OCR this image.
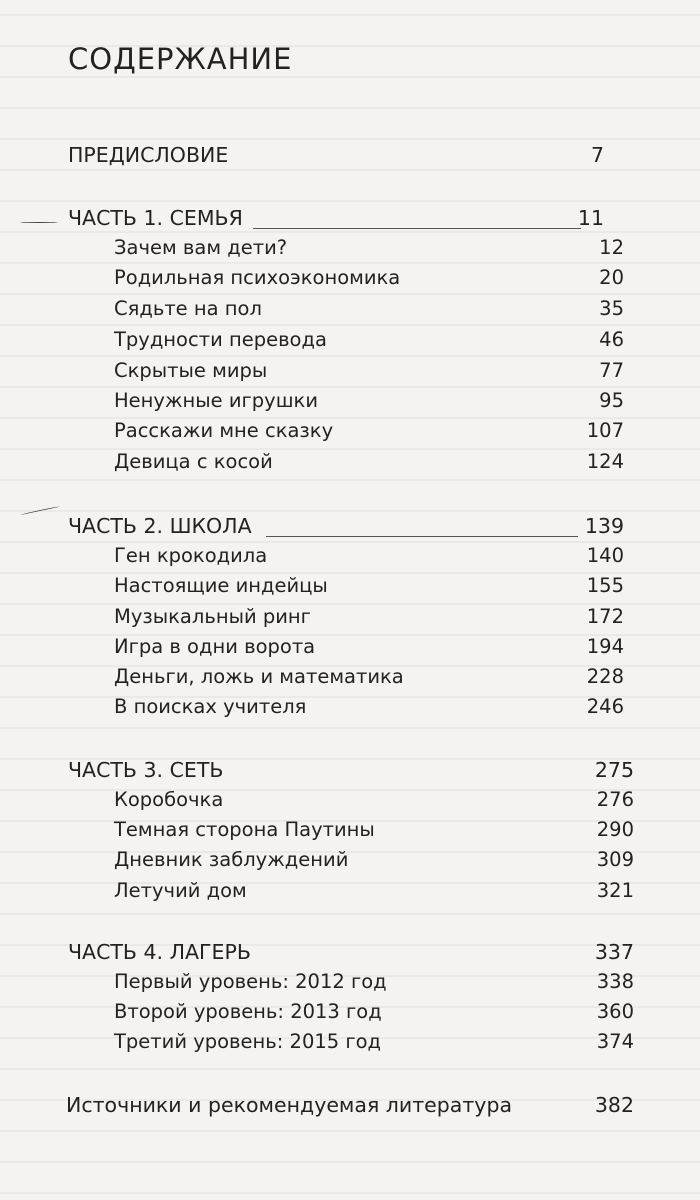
СОДЕРЖАНИЕ
ПРЕДИСЛОВИЕ	7
ЧАСТЬ 1. СЕМЬЯ	11
Зачем вам дети?	12
Родильная психоэкономика	20
Сядьте на пол	35
Трудности перевода	46
Скрытые миры	77
Ненужные игрушки	95
Расскажи мне сказку	107
Девица с косой	124
ЧАСТЬ 2. ШКОЛА	139
Ген крокодила	140
Настоящие индейцы	155
Музыкальный ринг	172
Игра в одни ворота	194
Деньги, ложь и математика	228
В поисках учителя	246
ЧАСТЬ 3. СЕТЬ	275
Коробочка	276
Темная сторона Паутины	290
Дневник заблуждений	309
Летучий дом	321
ЧАСТЬ 4. ЛАГЕРЬ	337
Первый уровень: 2012 год	338
Второй уровень: 2013 год	360
Третий уровень: 2015 год	374
Источники и рекомендуемая литература	382
